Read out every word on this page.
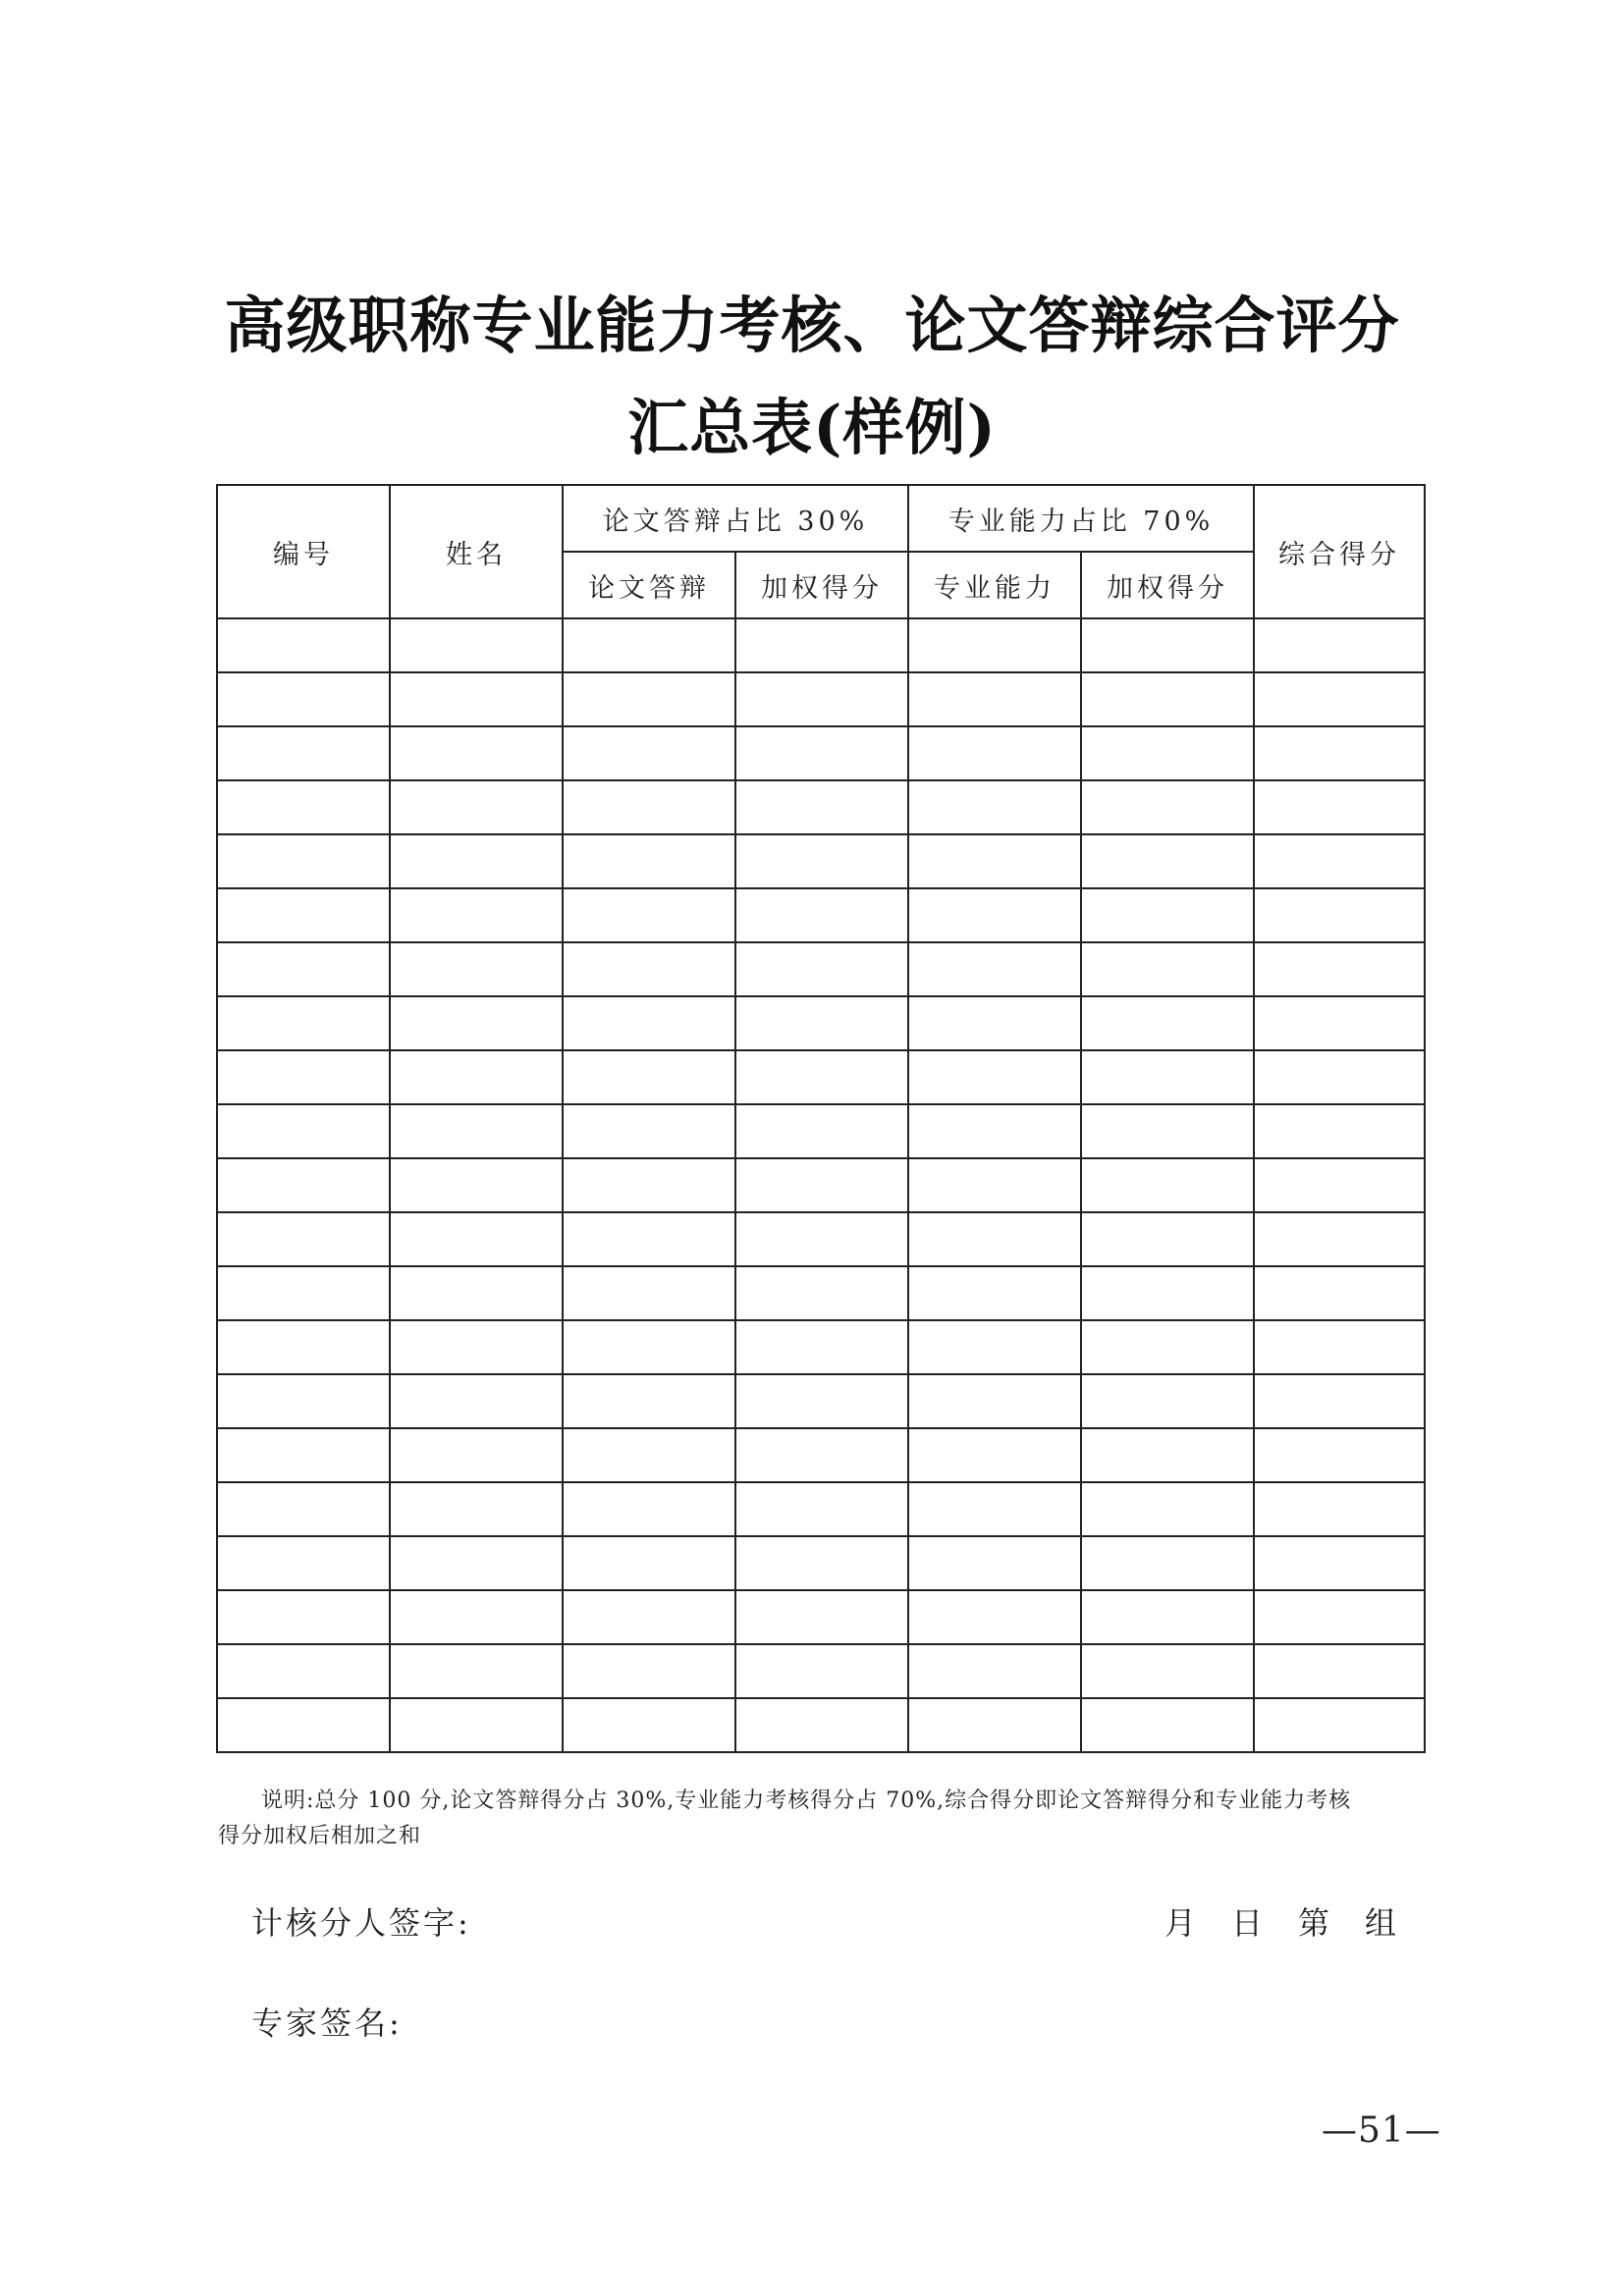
高级职称专业能力考核、论文答辩综合评分
汇总表(样例)
编号	姓名	论文答辩占比 30%		专业能力占比 70%		综合得分
		论文答辩	加权得分	专业能力	加权得分	

说明:总分 100 分,论文答辩得分占 30%,专业能力考核得分占 70%,综合得分即论文答辩得分和专业能力考核
得分加权后相加之和
计核分人签字:	月 日 第 组
专家签名:
—51—
